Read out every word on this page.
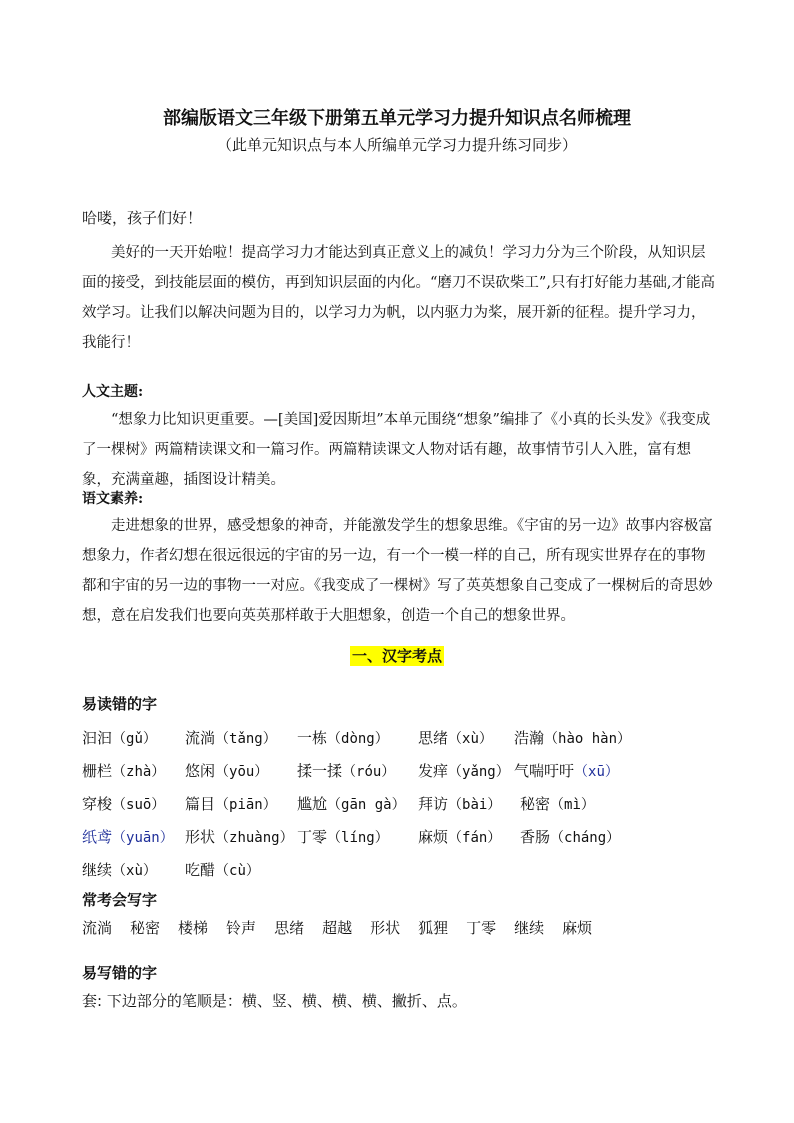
部编版语文三年级下册第五单元学习力提升知识点名师梳理
（此单元知识点与本人所编单元学习力提升练习同步）
哈喽，孩子们好！

美好的一天开始啦！提高学习力才能达到真正意义上的减负！学习力分为三个阶段，从知识层面的接受，到技能层面的模仿，再到知识层面的内化。“磨刀不误砍柴工”,只有打好能力基础,才能高效学习。让我们以解决问题为目的，以学习力为帆，以内驱力为桨，展开新的征程。提升学习力，我能行！

人文主题:

“想象力比知识更重要。—[美国]爱因斯坦”本单元围绕“想象”编排了《小真的长头发》《我变成了一棵树》两篇精读课文和一篇习作。两篇精读课文人物对话有趣，故事情节引人入胜，富有想象，充满童趣，插图设计精美。

语文素养:

走进想象的世界，感受想象的神奇，并能激发学生的想象思维。《宇宙的另一边》故事内容极富想象力，作者幻想在很远很远的宇宙的另一边，有一个一模一样的自己，所有现实世界存在的事物都和宇宙的另一边的事物一一对应。《我变成了一棵树》写了英英想象自己变成了一棵树后的奇思妙想，意在启发我们也要向英英那样敢于大胆想象，创造一个自己的想象世界。

一、汉字考点
易读错的字
汩汩（gǔ） 流淌（tǎng） 一栋（dòng） 思绪（xù） 浩瀚（hào hàn）
栅栏（zhà） 悠闲（yōu） 揉一揉（róu） 发痒（yǎng） 气喘吁吁（xū）
穿梭（suō） 篇目（piān） 尴尬（gān gà） 拜访（bài） 秘密（mì）
纸鸢（yuān） 形状（zhuàng） 丁零（líng） 麻烦（fán） 香肠（cháng）
继续（xù） 吃醋（cù）
常考会写字
流淌 秘密 楼梯 铃声 思绪 超越 形状 狐狸 丁零 继续 麻烦
易写错的字
套: 下边部分的笔顺是：横、竖、横、横、横、撇折、点。
